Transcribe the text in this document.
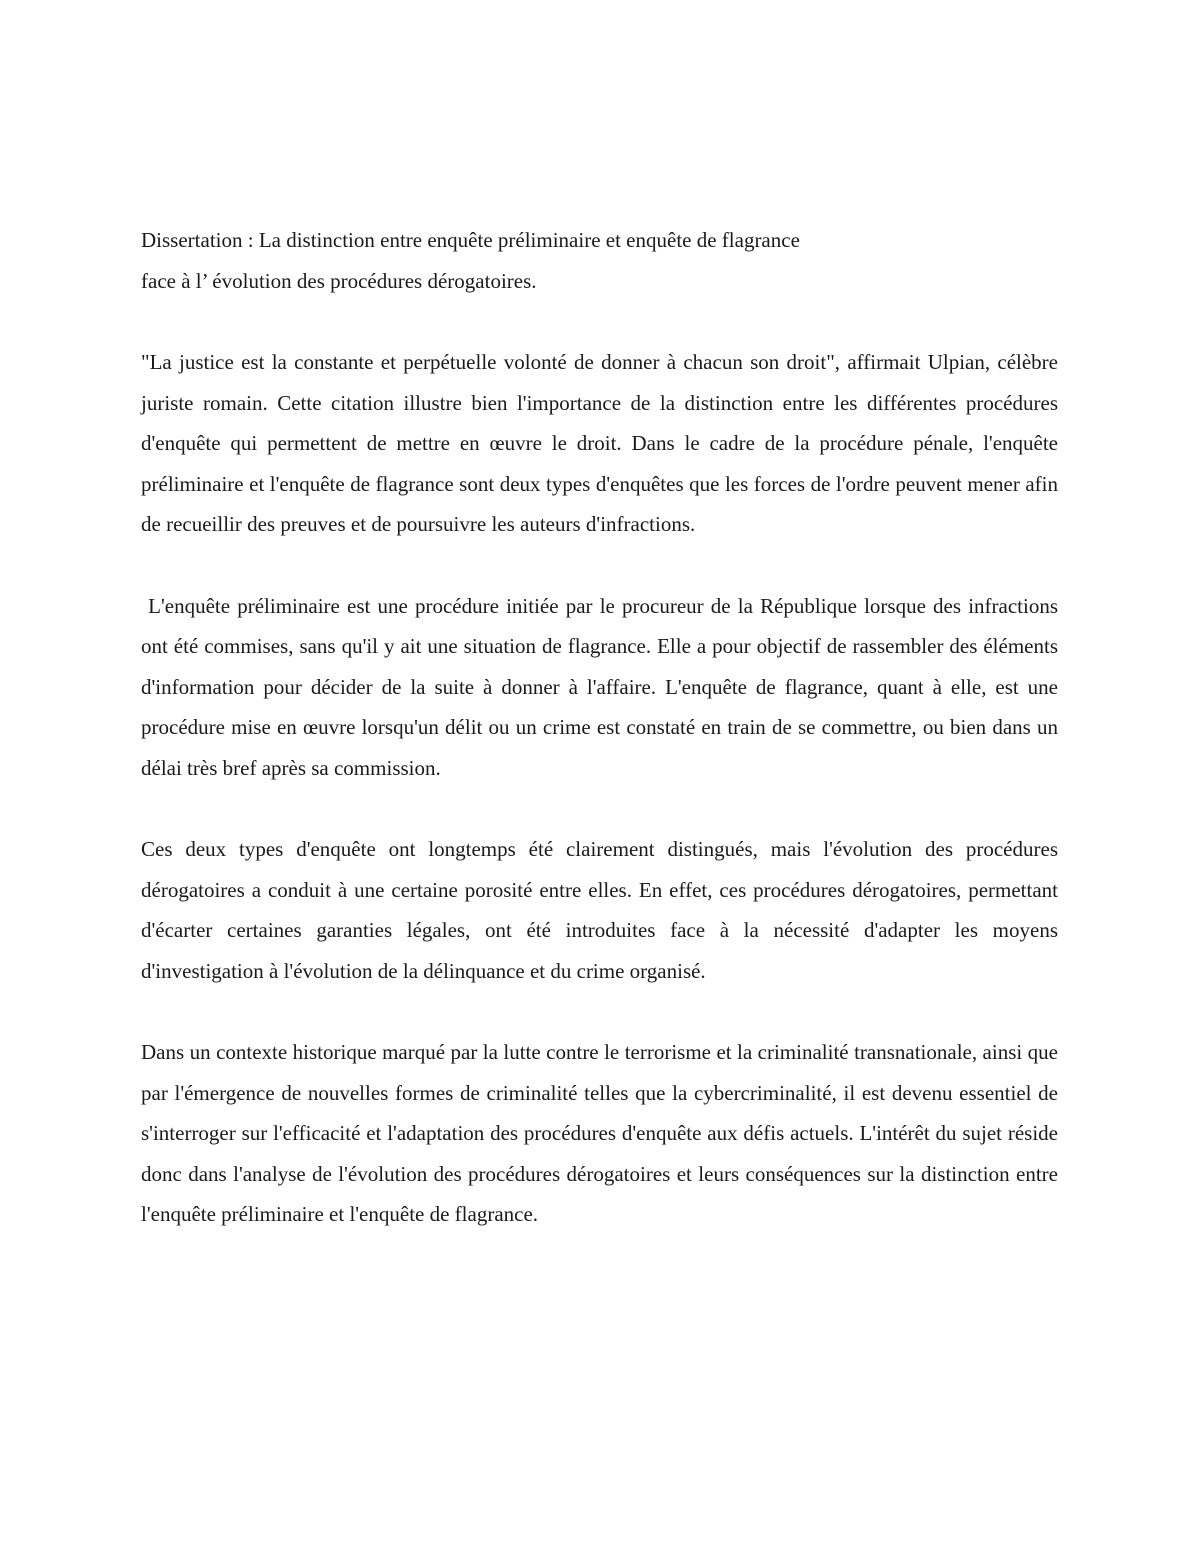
Dissertation : La distinction entre enquête préliminaire et enquête de flagrance
face à l’ évolution des procédures dérogatoires.

"La justice est la constante et perpétuelle volonté de donner à chacun son droit", affirmait Ulpian, célèbre juriste romain. Cette citation illustre bien l'importance de la distinction entre les différentes procédures d'enquête qui permettent de mettre en œuvre le droit. Dans le cadre de la procédure pénale, l'enquête préliminaire et l'enquête de flagrance sont deux types d'enquêtes que les forces de l'ordre peuvent mener afin de recueillir des preuves et de poursuivre les auteurs d'infractions.

L'enquête préliminaire est une procédure initiée par le procureur de la République lorsque des infractions ont été commises, sans qu'il y ait une situation de flagrance. Elle a pour objectif de rassembler des éléments d'information pour décider de la suite à donner à l'affaire. L'enquête de flagrance, quant à elle, est une procédure mise en œuvre lorsqu'un délit ou un crime est constaté en train de se commettre, ou bien dans un délai très bref après sa commission.

Ces deux types d'enquête ont longtemps été clairement distingués, mais l'évolution des procédures dérogatoires a conduit à une certaine porosité entre elles. En effet, ces procédures dérogatoires, permettant d'écarter certaines garanties légales, ont été introduites face à la nécessité d'adapter les moyens d'investigation à l'évolution de la délinquance et du crime organisé.

Dans un contexte historique marqué par la lutte contre le terrorisme et la criminalité transnationale, ainsi que par l'émergence de nouvelles formes de criminalité telles que la cybercriminalité, il est devenu essentiel de s'interroger sur l'efficacité et l'adaptation des procédures d'enquête aux défis actuels. L'intérêt du sujet réside donc dans l'analyse de l'évolution des procédures dérogatoires et leurs conséquences sur la distinction entre l'enquête préliminaire et l'enquête de flagrance.
